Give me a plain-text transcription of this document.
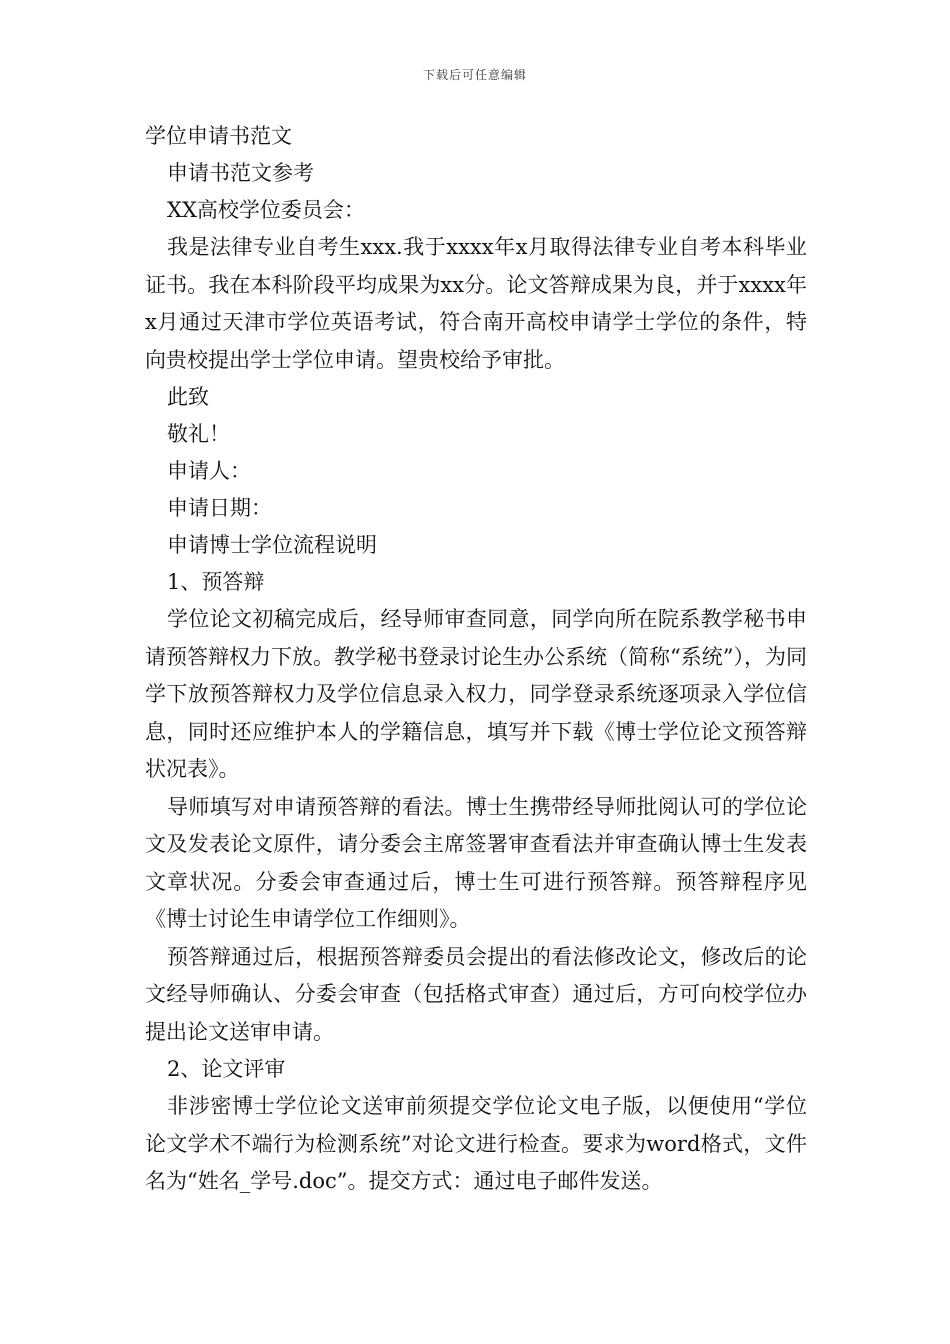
下载后可任意编辑
学位申请书范文
申请书范文参考
XX高校学位委员会：
我是法律专业自考生xxx.我于xxxx年x月取得法律专业自考本科毕业证书。我在本科阶段平均成果为xx分。论文答辩成果为良，并于xxxx年x月通过天津市学位英语考试，符合南开高校申请学士学位的条件，特向贵校提出学士学位申请。望贵校给予审批。
此致
敬礼！
申请人：
申请日期：
申请博士学位流程说明
1、预答辩
学位论文初稿完成后，经导师审查同意，同学向所在院系教学秘书申请预答辩权力下放。教学秘书登录讨论生办公系统（简称“系统”），为同学下放预答辩权力及学位信息录入权力，同学登录系统逐项录入学位信息，同时还应维护本人的学籍信息，填写并下载《博士学位论文预答辩状况表》。
导师填写对申请预答辩的看法。博士生携带经导师批阅认可的学位论文及发表论文原件，请分委会主席签署审查看法并审查确认博士生发表文章状况。分委会审查通过后，博士生可进行预答辩。预答辩程序见《博士讨论生申请学位工作细则》。
预答辩通过后，根据预答辩委员会提出的看法修改论文，修改后的论文经导师确认、分委会审查（包括格式审查）通过后，方可向校学位办提出论文送审申请。
2、论文评审
非涉密博士学位论文送审前须提交学位论文电子版，以便使用“学位论文学术不端行为检测系统”对论文进行检查。要求为word格式，文件名为“姓名_学号.doc”。提交方式：通过电子邮件发送。
